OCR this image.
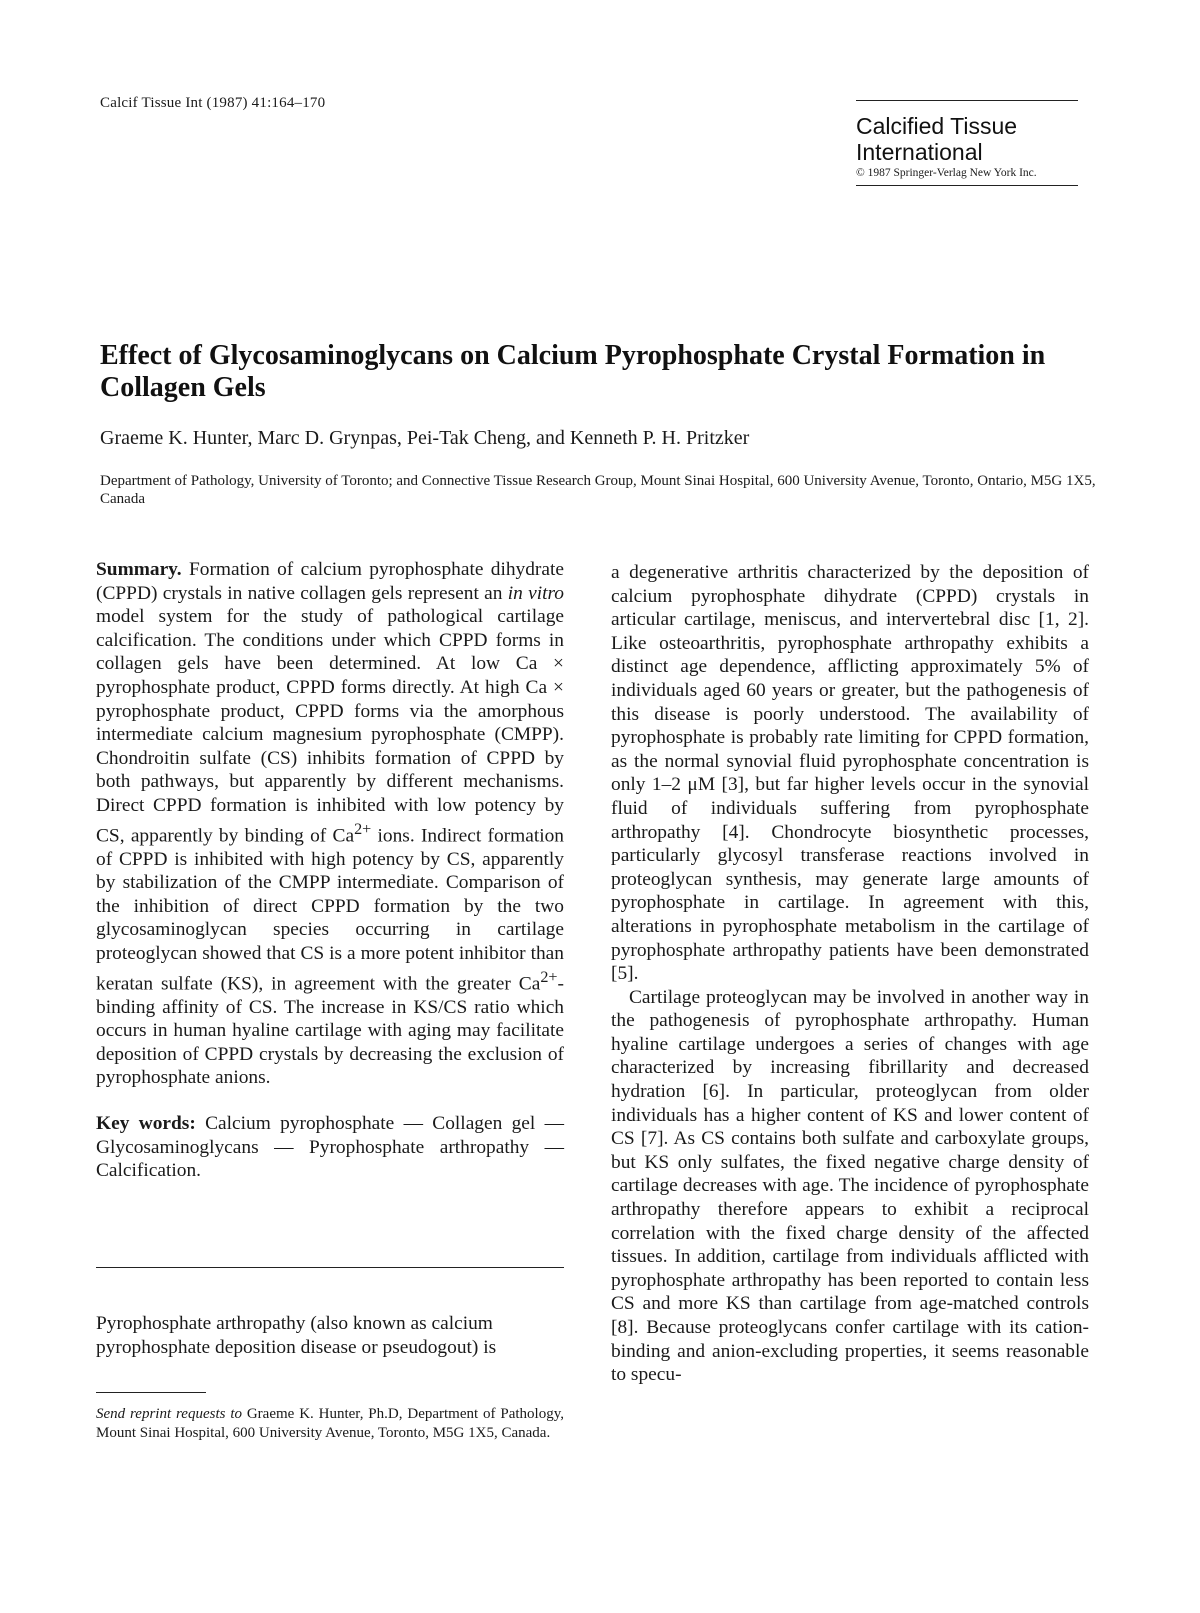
Calcif Tissue Int (1987) 41:164–170
Calcified Tissue
International
© 1987 Springer-Verlag New York Inc.
Effect of Glycosaminoglycans on Calcium Pyrophosphate Crystal Formation in Collagen Gels
Graeme K. Hunter, Marc D. Grynpas, Pei-Tak Cheng, and Kenneth P. H. Pritzker
Department of Pathology, University of Toronto; and Connective Tissue Research Group, Mount Sinai Hospital, 600 University Avenue, Toronto, Ontario, M5G 1X5, Canada

Summary. Formation of calcium pyrophosphate dihydrate (CPPD) crystals in native collagen gels represent an in vitro model system for the study of pathological cartilage calcification. The conditions under which CPPD forms in collagen gels have been determined. At low Ca × pyrophosphate product, CPPD forms directly. At high Ca × pyrophosphate product, CPPD forms via the amorphous intermediate calcium magnesium pyrophosphate (CMPP). Chondroitin sulfate (CS) inhibits formation of CPPD by both pathways, but apparently by different mechanisms. Direct CPPD formation is inhibited with low potency by CS, apparently by binding of $Ca^{2+}$ ions. Indirect formation of CPPD is inhibited with high potency by CS, apparently by stabilization of the CMPP intermediate. Comparison of the inhibition of direct CPPD formation by the two glycosaminoglycan species occurring in cartilage proteoglycan showed that CS is a more potent inhibitor than keratan sulfate (KS), in agreement with the greater $Ca^{2+}$-binding affinity of CS. The increase in KS/CS ratio which occurs in human hyaline cartilage with aging may facilitate deposition of CPPD crystals by decreasing the exclusion of pyrophosphate anions.

Key words: Calcium pyrophosphate — Collagen gel — Glycosaminoglycans — Pyrophosphate arthropathy — Calcification.

Pyrophosphate arthropathy (also known as calcium pyrophosphate deposition disease or pseudogout) is
Send reprint requests to Graeme K. Hunter, Ph.D, Department of Pathology, Mount Sinai Hospital, 600 University Avenue, Toronto, M5G 1X5, Canada.

a degenerative arthritis characterized by the deposition of calcium pyrophosphate dihydrate (CPPD) crystals in articular cartilage, meniscus, and intervertebral disc [1, 2]. Like osteoarthritis, pyrophosphate arthropathy exhibits a distinct age dependence, afflicting approximately 5% of individuals aged 60 years or greater, but the pathogenesis of this disease is poorly understood. The availability of pyrophosphate is probably rate limiting for CPPD formation, as the normal synovial fluid pyrophosphate concentration is only 1–2 μM [3], but far higher levels occur in the synovial fluid of individuals suffering from pyrophosphate arthropathy [4]. Chondrocyte biosynthetic processes, particularly glycosyl transferase reactions involved in proteoglycan synthesis, may generate large amounts of pyrophosphate in cartilage. In agreement with this, alterations in pyrophosphate metabolism in the cartilage of pyrophosphate arthropathy patients have been demonstrated [5].

Cartilage proteoglycan may be involved in another way in the pathogenesis of pyrophosphate arthropathy. Human hyaline cartilage undergoes a series of changes with age characterized by increasing fibrillarity and decreased hydration [6]. In particular, proteoglycan from older individuals has a higher content of KS and lower content of CS [7]. As CS contains both sulfate and carboxylate groups, but KS only sulfates, the fixed negative charge density of cartilage decreases with age. The incidence of pyrophosphate arthropathy therefore appears to exhibit a reciprocal correlation with the fixed charge density of the affected tissues. In addition, cartilage from individuals afflicted with pyrophosphate arthropathy has been reported to contain less CS and more KS than cartilage from age-matched controls [8]. Because proteoglycans confer cartilage with its cation-binding and anion-excluding properties, it seems reasonable to specu-
